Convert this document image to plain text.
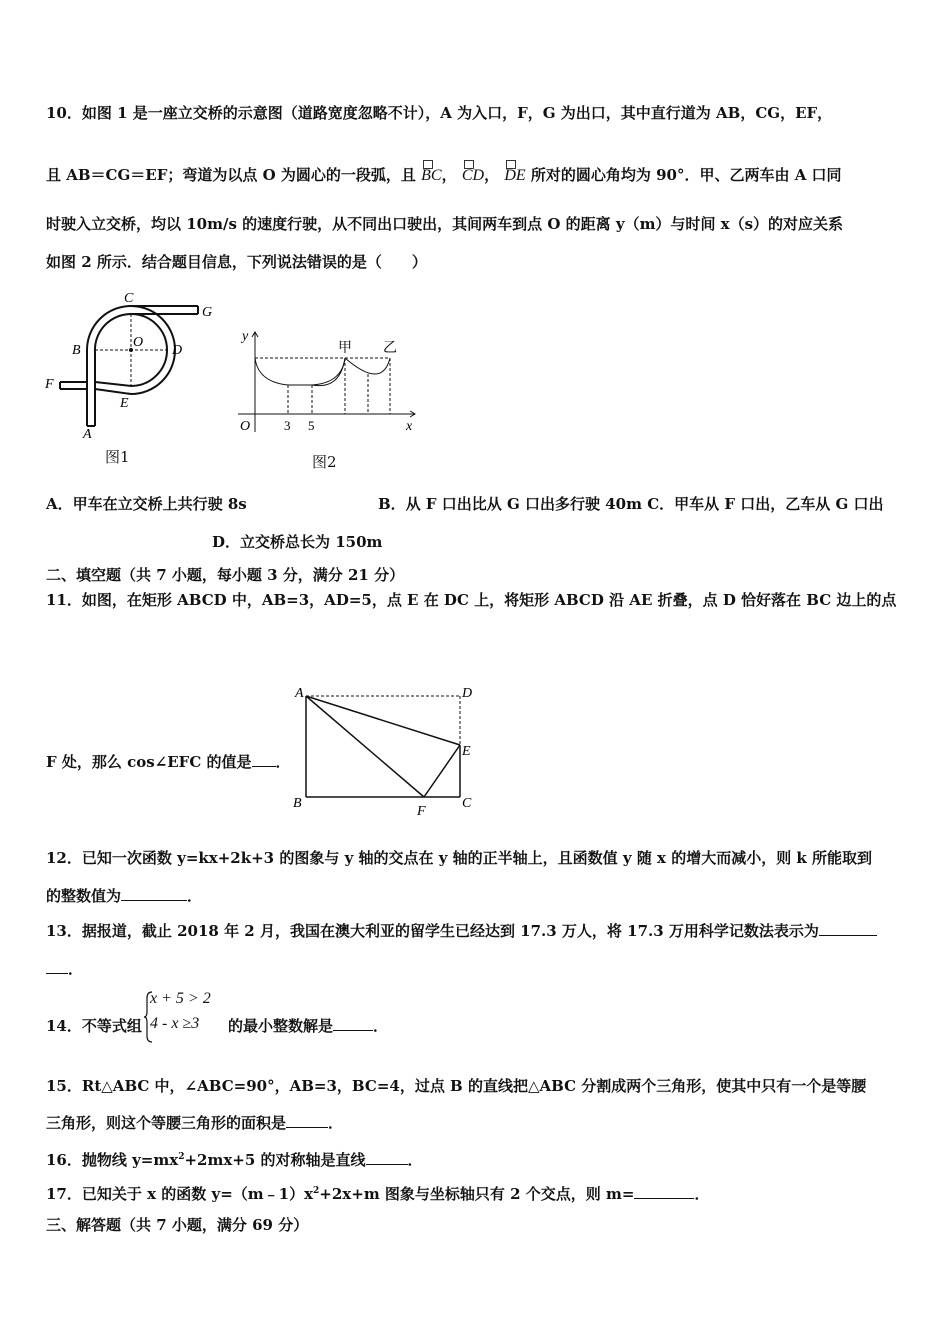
10．如图 1 是一座立交桥的示意图（道路宽度忽略不计），A 为入口，F，G 为出口，其中直行道为 AB，CG，EF，
且 AB＝CG＝EF；弯道为以点 O 为圆心的一段弧，且 BC， CD， DE 所对的圆心角均为 90°．甲、乙两车由 A 口同
时驶入立交桥，均以 10m/s 的速度行驶，从不同出口驶出，其间两车到点 O 的距离 y（m）与时间 x（s）的对应关系
如图 2 所示．结合题目信息，下列说法错误的是（　　）
C
G
B
O
D
F
E
A
图1
y
甲 乙
O	3 5	x
图2
A．甲车在立交桥上共行驶 8s	B．从 F 口出比从 G 口出多行驶 40m C．甲车从 F 口出，乙车从 G 口出
D．立交桥总长为 150m
二、填空题（共 7 小题，每小题 3 分，满分 21 分）
11．如图，在矩形 ABCD 中，AB=3，AD=5，点 E 在 DC 上，将矩形 ABCD 沿 AE 折叠，点 D 恰好落在 BC 边上的点
A	D
E
B
F
C
F 处，那么 cos∠EFC 的值是 ．
12．已知一次函数 y=kx+2k+3 的图象与 y 轴的交点在 y 轴的正半轴上，且函数值 y 随 x 的增大而减小，则 k 所能取到
的整数值为	．
13．据报道，截止 2018 年 2 月，我国在澳大利亚的留学生已经达到 17.3 万人，将 17.3 万用科学记数法表示为
．
14．不等式组
x + 5 > 2
4 - x ≥3	的最小整数解是	．
15．Rt△ABC 中，∠ABC=90°，AB=3，BC=4，过点 B 的直线把△ABC 分割成两个三角形，使其中只有一个是等腰
三角形，则这个等腰三角形的面积是	．
16．抛物线 $y=mx^2+2mx+5$ 的对称轴是直线	．
17．已知关于 x 的函数 $y=(m﹣1)x^2+2x+m$ 图象与坐标轴只有 2 个交点，则 m=	．
三、解答题（共 7 小题，满分 69 分）
